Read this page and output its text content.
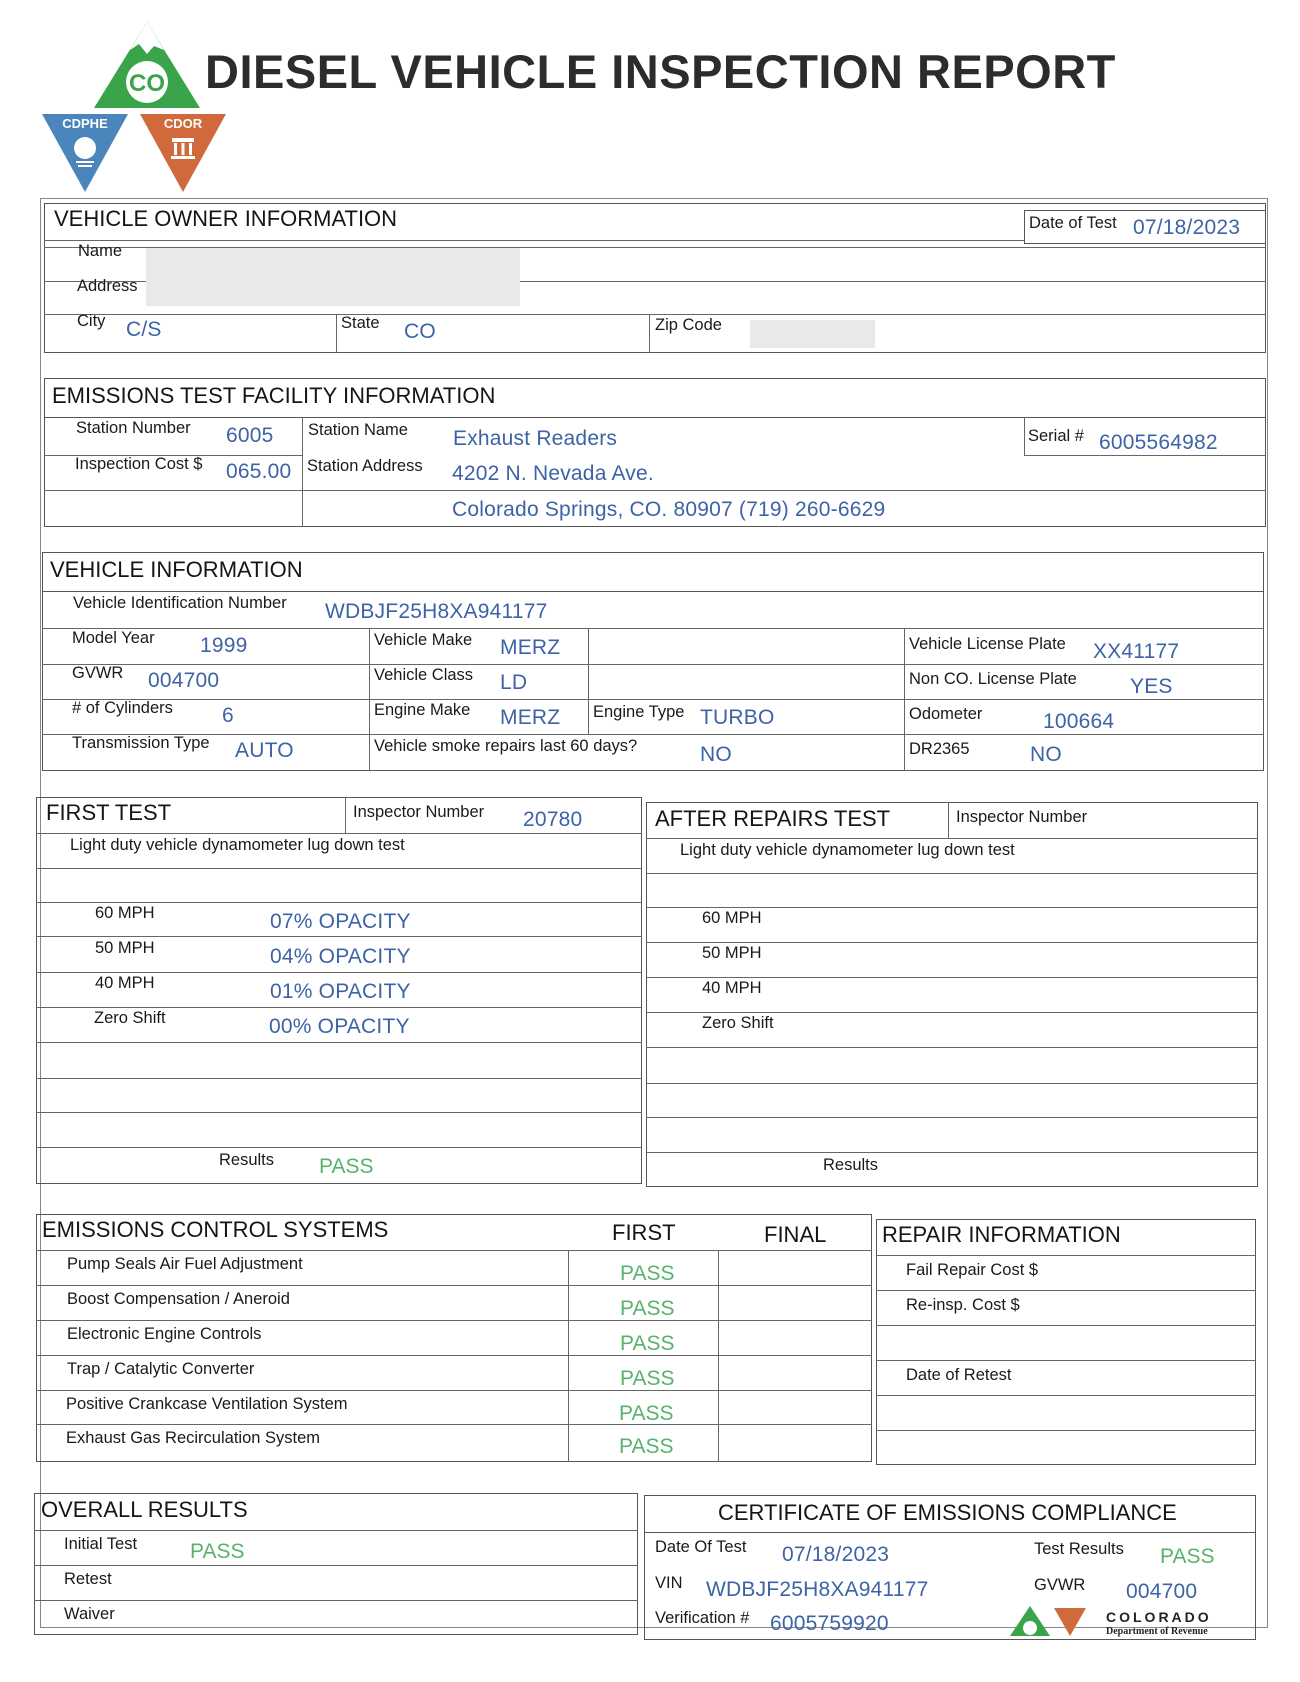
CO
CDPHE	CDOR
DIESEL VEHICLE INSPECTION REPORT
VEHICLE OWNER INFORMATION	Date of Test 07/18/2023
Name
Address
City C/S	State CO	Zip Code
EMISSIONS TEST FACILITY INFORMATION
Station Number 6005 Station Name Exhaust Readers	Serial # 6005564982
Inspection Cost $ 065.00 Station Address 4202 N. Nevada Ave.
Colorado Springs, CO. 80907 (719) 260-6629
VEHICLE INFORMATION
Vehicle Identification Number WDBJF25H8XA941177
Model Year 1999	Vehicle Make MERZ	Vehicle License Plate XX41177
GVWR 004700	Vehicle Class LD	Non CO. License Plate	YES
# of Cylinders 6	Engine Make MERZ Engine Type TURBO	Odometer	100664
Transmission Type AUTO	Vehicle smoke repairs last 60 days?	NO	DR2365	NO
FIRST TEST	Inspector Number 20780
Light duty vehicle dynamometer lug down test
60 MPH	07% OPACITY
50 MPH	04% OPACITY
40 MPH	01% OPACITY
Zero Shift	00% OPACITY
Results PASS
AFTER REPAIRS TEST	Inspector Number
Light duty vehicle dynamometer lug down test
60 MPH
50 MPH
40 MPH
Zero Shift
Results
EMISSIONS CONTROL SYSTEMS	FIRST	FINAL
Pump Seals Air Fuel Adjustment	PASS
Boost Compensation / Aneroid	PASS
Electronic Engine Controls	PASS
Trap / Catalytic Converter	PASS
Positive Crankcase Ventilation System	PASS
Exhaust Gas Recirculation System	PASS
REPAIR INFORMATION
Fail Repair Cost $
Re-insp. Cost $
Date of Retest
OVERALL RESULTS
Initial Test	PASS
Retest
Waiver
CERTIFICATE OF EMISSIONS COMPLIANCE
Date Of Test 07/18/2023	Test Results PASS
VIN WDBJF25H8XA941177	GVWR 004700
Verification # 6005759920	COLORADO
Department of Revenue
